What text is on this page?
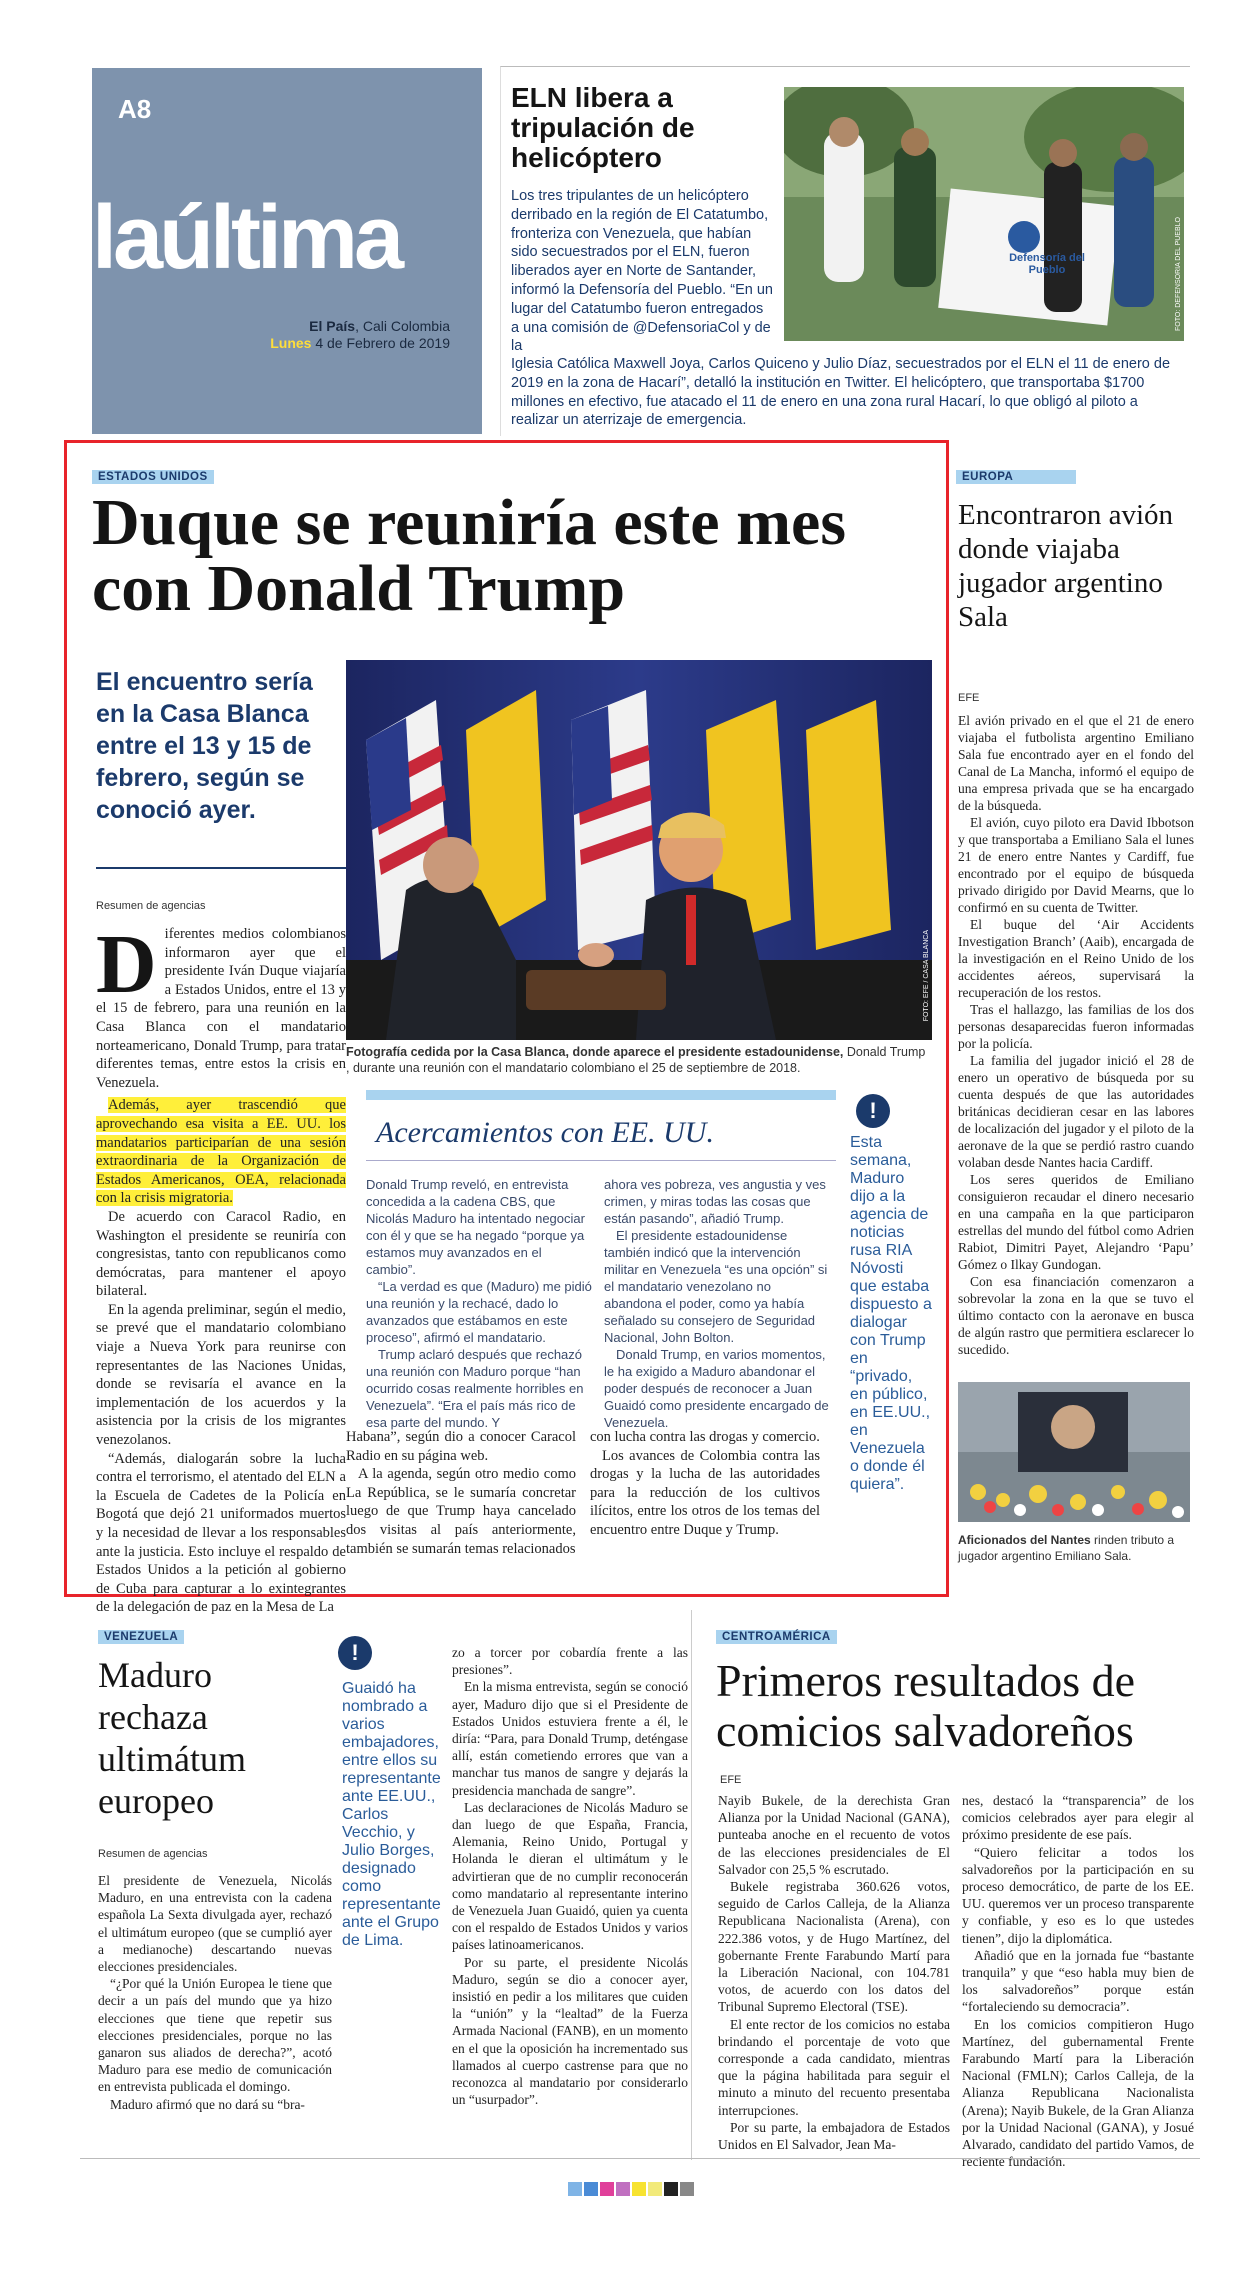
A8
laúltima
El País, Cali Colombia
Lunes 4 de Febrero de 2019
ELN libera a tripulación de helicóptero

Los tres tripulantes de un helicóptero derribado en la región de El Catatumbo, fronteriza con Venezuela, que habían sido secuestrados por el ELN, fueron liberados ayer en Norte de Santander, informó la Defensoría del Pueblo. “En un lugar del Catatumbo fueron entregados a una comisión de @DefensoriaCol y de la

Iglesia Católica Maxwell Joya, Carlos Quiceno y Julio Díaz, secuestrados por el ELN el 11 de enero de 2019 en la zona de Hacarí”, detalló la institución en Twitter. El helicóptero, que transportaba $1700 millones en efectivo, fue atacado el 11 de enero en una zona rural Hacarí, lo que obligó al piloto a realizar un aterrizaje de emergencia.

Defensoría del Pueblo	FOTO: DEFENSORIA DEL PUEBLO
ESTADOS UNIDOS
Duque se reuniría este mes con Donald Trump
El encuentro sería en la Casa Blanca entre el 13 y 15 de febrero, según se conoció ayer.
Resumen de agencias
D iferentes medios colombianos informaron ayer que el presidente Iván Duque viajaría a Estados Unidos, entre el 13 y el 15 de febrero, para una reunión en la Casa Blanca con el mandatario norteamericano, Donald Trump, para tratar diferentes temas, entre estos la crisis en Venezuela.

Además, ayer trascendió que aprovechando esa visita a EE. UU. los mandatarios participarían de una sesión extraordinaria de la Organización de Estados Americanos, OEA, relacionada con la crisis migratoria.

De acuerdo con Caracol Radio, en Washington el presidente se reuniría con congresistas, tanto con republicanos como demócratas, para mantener el apoyo bilateral.

En la agenda preliminar, según el medio, se prevé que el mandatario colombiano viaje a Nueva York para reunirse con representantes de las Naciones Unidas, donde se revisaría el avance en la implementación de los acuerdos y la asistencia por la crisis de los migrantes venezolanos.

“Además, dialogarán sobre la lucha contra el terrorismo, el atentado del ELN a la Escuela de Cadetes de la Policía en Bogotá que dejó 21 uniformados muertos y la necesidad de llevar a los responsables ante la justicia. Esto incluye el respaldo de Estados Unidos a la petición al gobierno de Cuba para capturar a lo exintegrantes de la delegación de paz en la Mesa de La

FOTO: EFE / CASA BLANCA
Fotografía cedida por la Casa Blanca, donde aparece el presidente estadounidense, Donald Trump , durante una reunión con el mandatario colombiano el 25 de septiembre de 2018.
Acercamientos con EE. UU.

Donald Trump reveló, en entrevista concedida a la cadena CBS, que Nicolás Maduro ha intentado negociar con él y que se ha negado “porque ya estamos muy avanzados en el cambio”.

“La verdad es que (Maduro) me pidió una reunión y la rechacé, dado lo avanzados que estábamos en este proceso”, afirmó el mandatario.

Trump aclaró después que rechazó una reunión con Maduro porque “han ocurrido cosas realmente horribles en Venezuela”. “Era el país más rico de esa parte del mundo. Y

ahora ves pobreza, ves angustia y ves crimen, y miras todas las cosas que están pasando”, añadió Trump.

El presidente estadounidense también indicó que la intervención militar en Venezuela “es una opción” si el mandatario venezolano no abandona el poder, como ya había señalado su consejero de Seguridad Nacional, John Bolton.

Donald Trump, en varios momentos, le ha exigido a Maduro abandonar el poder después de reconocer a Juan Guaidó como presidente encargado de Venezuela.

!
Esta semana, Maduro dijo a la agencia de noticias rusa RIA Nóvosti que estaba dispuesto a dialogar con Trump en “privado, en público, en EE.UU., en Venezuela o donde él quiera”.

Habana”, según dio a conocer Caracol Radio en su página web.

A la agenda, según otro medio como La República, se le sumaría concretar luego de que Trump haya cancelado dos visitas al país anteriormente, también se sumarán temas relacionados

con lucha contra las drogas y comercio.

Los avances de Colombia contra las drogas y la lucha de las autoridades para la reducción de los cultivos ilícitos, entre los otros de los temas del encuentro entre Duque y Trump.

EUROPA
Encontraron avión donde viajaba jugador argentino Sala
EFE

El avión privado en el que el 21 de enero viajaba el futbolista argentino Emiliano Sala fue encontrado ayer en el fondo del Canal de La Mancha, informó el equipo de una empresa privada que se ha encargado de la búsqueda.

El avión, cuyo piloto era David Ibbotson y que transportaba a Emiliano Sala el lunes 21 de enero entre Nantes y Cardiff, fue encontrado por el equipo de búsqueda privado dirigido por David Mearns, que lo confirmó en su cuenta de Twitter.

El buque del ‘Air Accidents Investigation Branch’ (Aaib), encargada de la investigación en el Reino Unido de los accidentes aéreos, supervisará la recuperación de los restos.

Tras el hallazgo, las familias de los dos personas desaparecidas fueron informadas por la policía.

La familia del jugador inició el 28 de enero un operativo de búsqueda por su cuenta después de que las autoridades británicas decidieran cesar en las labores de localización del jugador y el piloto de la aeronave de la que se perdió rastro cuando volaban desde Nantes hacia Cardiff.

Los seres queridos de Emiliano consiguieron recaudar el dinero necesario en una campaña en la que participaron estrellas del mundo del fútbol como Adrien Rabiot, Dimitri Payet, Alejandro ‘Papu’ Gómez o Ilkay Gundogan.

Con esa financiación comenzaron a sobrevolar la zona en la que se tuvo el último contacto con la aeronave en busca de algún rastro que permitiera esclarecer lo sucedido.

Aficionados del Nantes rinden tributo a jugador argentino Emiliano Sala.
VENEZUELA
Maduro rechaza ultimátum europeo
Resumen de agencias

El presidente de Venezuela, Nicolás Maduro, en una entrevista con la cadena española La Sexta divulgada ayer, rechazó el ultimátum europeo (que se cumplió ayer a medianoche) descartando nuevas elecciones presidenciales.

“¿Por qué la Unión Europea le tiene que decir a un país del mundo que ya hizo elecciones que tiene que repetir sus elecciones presidenciales, porque no las ganaron sus aliados de derecha?”, acotó Maduro para ese medio de comunicación en entrevista publicada el domingo.

Maduro afirmó que no dará su “bra-

!
Guaidó ha nombrado a varios embajadores, entre ellos su representante ante EE.UU., Carlos Vecchio, y Julio Borges, designado como representante ante el Grupo de Lima.

zo a torcer por cobardía frente a las presiones”.

En la misma entrevista, según se conoció ayer, Maduro dijo que si el Presidente de Estados Unidos estuviera frente a él, le diría: “Para, para Donald Trump, deténgase allí, están cometiendo errores que van a manchar tus manos de sangre y dejarás la presidencia manchada de sangre”.

Las declaraciones de Nicolás Maduro se dan luego de que España, Francia, Alemania, Reino Unido, Portugal y Holanda le dieran el ultimátum y le advirtieran que de no cumplir reconocerán como mandatario al representante interino de Venezuela Juan Guaidó, quien ya cuenta con el respaldo de Estados Unidos y varios países latinoamericanos.

Por su parte, el presidente Nicolás Maduro, según se dio a conocer ayer, insistió en pedir a los militares que cuiden la “unión” y la “lealtad” de la Fuerza Armada Nacional (FANB), en un momento en el que la oposición ha incrementado sus llamados al cuerpo castrense para que no reconozca al mandatario por considerarlo un “usurpador”.

CENTROAMÉRICA
Primeros resultados de comicios salvadoreños
EFE

Nayib Bukele, de la derechista Gran Alianza por la Unidad Nacional (GANA), punteaba anoche en el recuento de votos de las elecciones presidenciales de El Salvador con 25,5 % escrutado.

Bukele registraba 360.626 votos, seguido de Carlos Calleja, de la Alianza Republicana Nacionalista (Arena), con 222.386 votos, y de Hugo Martínez, del gobernante Frente Farabundo Martí para la Liberación Nacional, con 104.781 votos, de acuerdo con los datos del Tribunal Supremo Electoral (TSE).

El ente rector de los comicios no estaba brindando el porcentaje de voto que corresponde a cada candidato, mientras que la página habilitada para seguir el minuto a minuto del recuento presentaba interrupciones.

Por su parte, la embajadora de Estados Unidos en El Salvador, Jean Ma-

nes, destacó la “transparencia” de los comicios celebrados ayer para elegir al próximo presidente de ese país.

“Quiero felicitar a todos los salvadoreños por la participación en su proceso democrático, de parte de los EE. UU. queremos ver un proceso transparente y confiable, y eso es lo que ustedes tienen”, dijo la diplomática.

Añadió que en la jornada fue “bastante tranquila” y que “eso habla muy bien de los salvadoreños” porque están “fortaleciendo su democracia”.

En los comicios compitieron Hugo Martínez, del gubernamental Frente Farabundo Martí para la Liberación Nacional (FMLN); Carlos Calleja, de la Alianza Republicana Nacionalista (Arena); Nayib Bukele, de la Gran Alianza por la Unidad Nacional (GANA), y Josué Alvarado, candidato del partido Vamos, de reciente fundación.
